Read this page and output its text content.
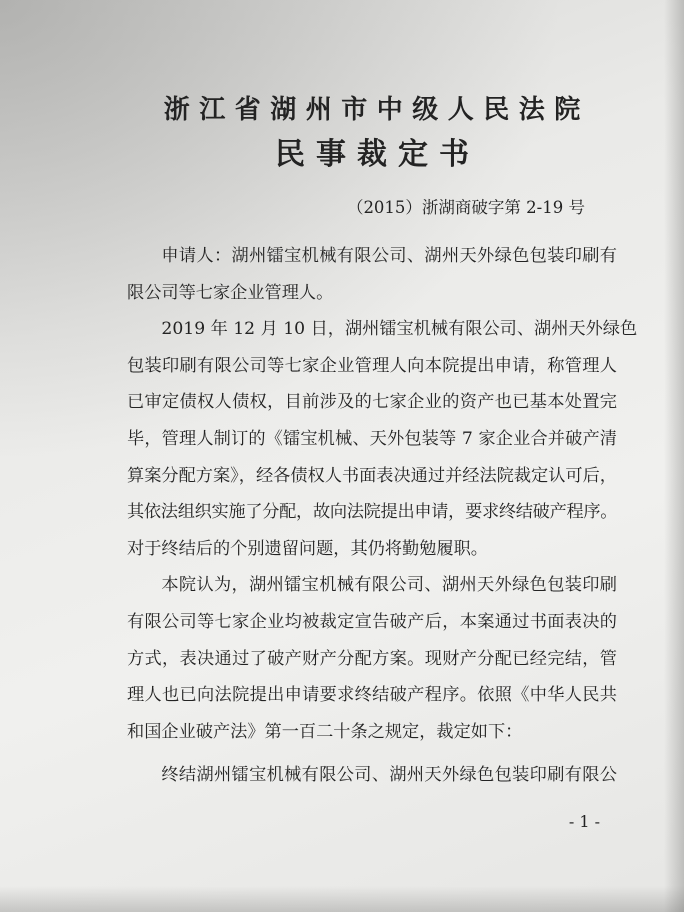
浙江省湖州市中级人民法院
民事裁定书
（2015）浙湖商破字第 2-19 号
申请人：湖州镭宝机械有限公司、湖州天外绿色包装印刷有
限公司等七家企业管理人。
2019 年 12 月 10 日，湖州镭宝机械有限公司、湖州天外绿色
包装印刷有限公司等七家企业管理人向本院提出申请，称管理人
已审定债权人债权，目前涉及的七家企业的资产也已基本处置完
毕，管理人制订的《镭宝机械、天外包装等 7 家企业合并破产清
算案分配方案》，经各债权人书面表决通过并经法院裁定认可后，
其依法组织实施了分配，故向法院提出申请，要求终结破产程序。
对于终结后的个别遗留问题，其仍将勤勉履职。
本院认为，湖州镭宝机械有限公司、湖州天外绿色包装印刷
有限公司等七家企业均被裁定宣告破产后，本案通过书面表决的
方式，表决通过了破产财产分配方案。现财产分配已经完结，管
理人也已向法院提出申请要求终结破产程序。依照《中华人民共
和国企业破产法》第一百二十条之规定，裁定如下：
终结湖州镭宝机械有限公司、湖州天外绿色包装印刷有限公
- 1 -
